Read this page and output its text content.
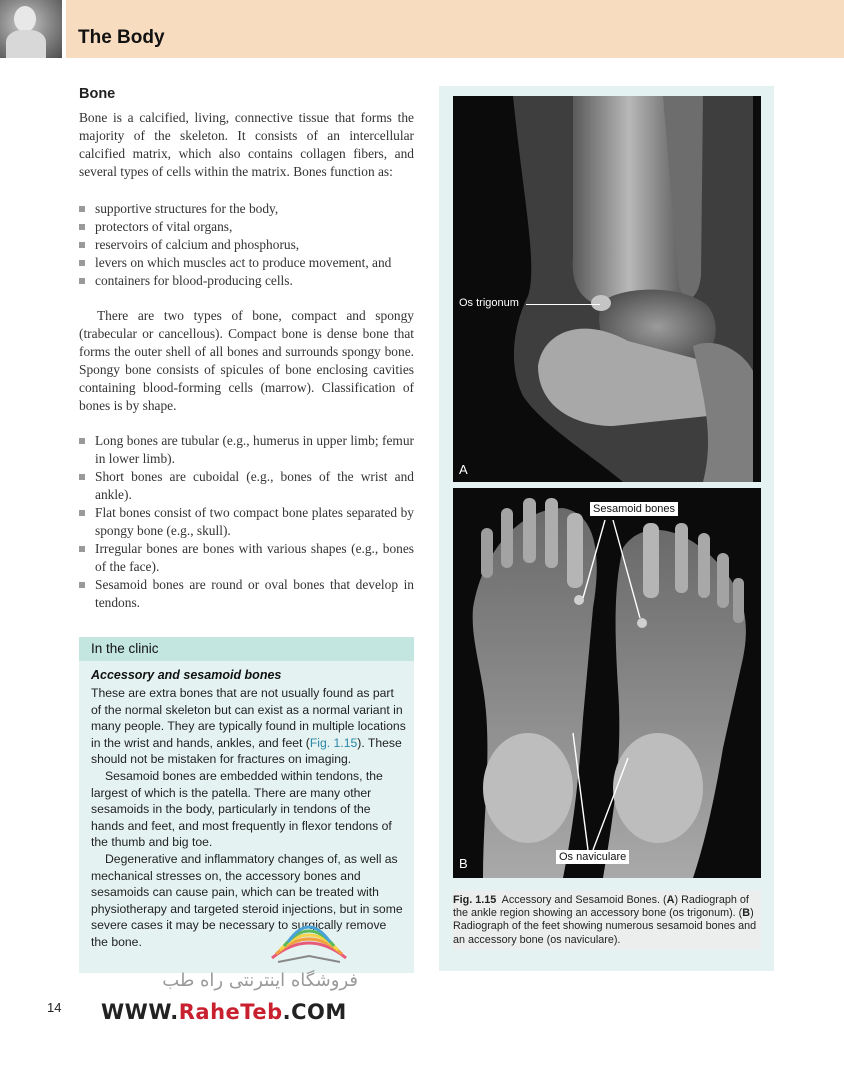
The Body
Bone

Bone is a calcified, living, connective tissue that forms the majority of the skeleton. It consists of an intercellular calcified matrix, which also contains collagen fibers, and several types of cells within the matrix. Bones function as:

supportive structures for the body,
protectors of vital organs,
reservoirs of calcium and phosphorus,
levers on which muscles act to produce movement, and
containers for blood-producing cells.

There are two types of bone, compact and spongy (trabecular or cancellous). Compact bone is dense bone that forms the outer shell of all bones and surrounds spongy bone. Spongy bone consists of spicules of bone enclosing cavities containing blood-forming cells (marrow). Classification of bones is by shape.

Long bones are tubular (e.g., humerus in upper limb; femur in lower limb).
Short bones are cuboidal (e.g., bones of the wrist and ankle).
Flat bones consist of two compact bone plates separated by spongy bone (e.g., skull).
Irregular bones are bones with various shapes (e.g., bones of the face).
Sesamoid bones are round or oval bones that develop in tendons.
In the clinic
Accessory and sesamoid bones

These are extra bones that are not usually found as part of the normal skeleton but can exist as a normal variant in many people. They are typically found in multiple locations in the wrist and hands, ankles, and feet (Fig. 1.15). These should not be mistaken for fractures on imaging.

Sesamoid bones are embedded within tendons, the largest of which is the patella. There are many other sesamoids in the body, particularly in tendons of the hands and feet, and most frequently in flexor tendons of the thumb and big toe.

Degenerative and inflammatory changes of, as well as mechanical stresses on, the accessory bones and sesamoids can cause pain, which can be treated with physiotherapy and targeted steroid injections, but in some severe cases it may be necessary to surgically remove the bone.

A
Os trigonum
B
Sesamoid bones
Os naviculare
Fig. 1.15 Accessory and Sesamoid Bones. (A) Radiograph of the ankle region showing an accessory bone (os trigonum). (B) Radiograph of the feet showing numerous sesamoid bones and an accessory bone (os naviculare).
14
فروشگاه اینترنتی راه طب
WWW.RaheTeb.COM
